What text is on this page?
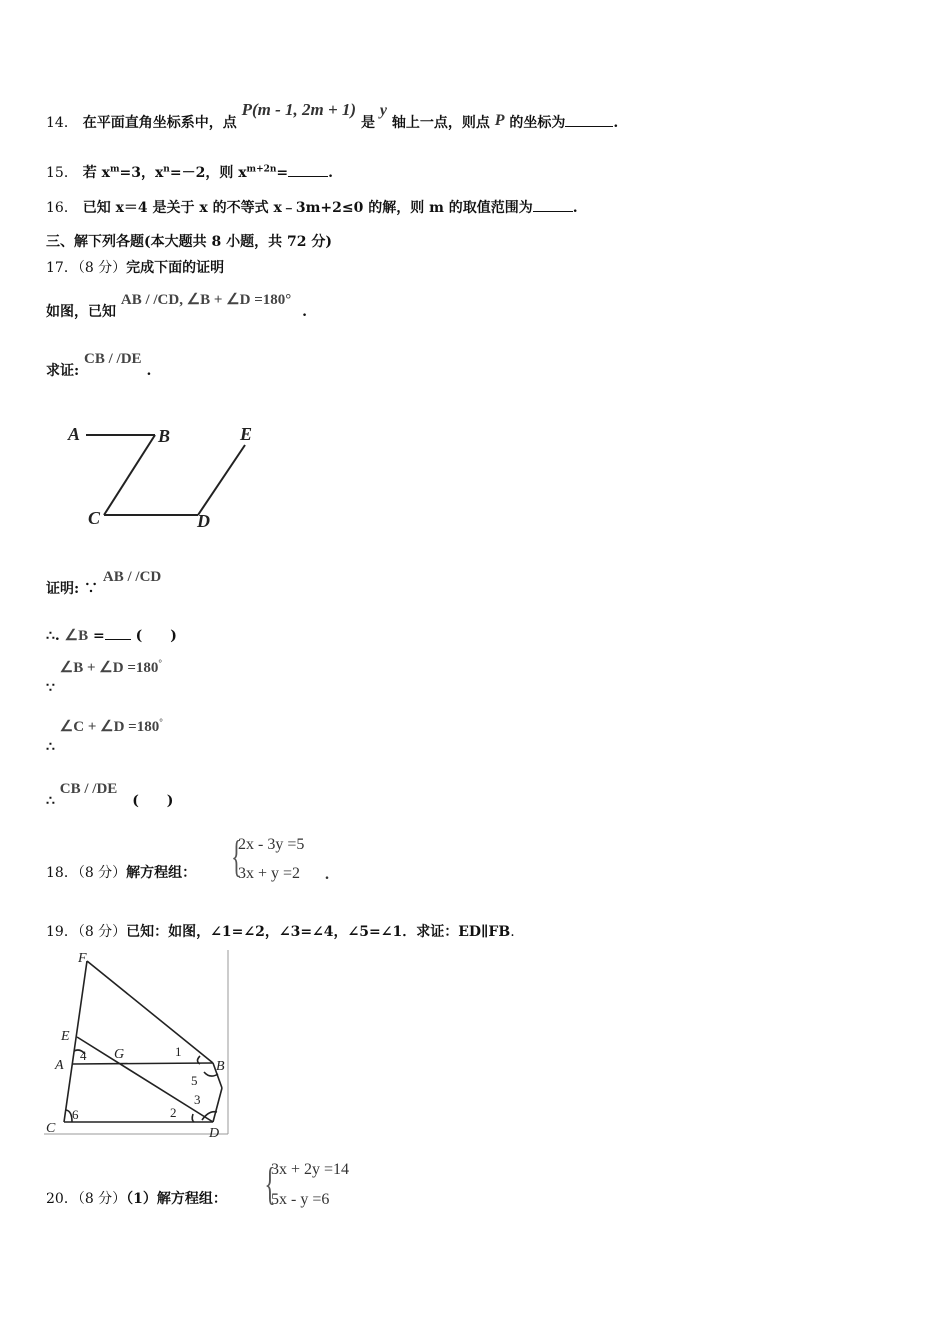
14． 在平面直角坐标系中，点 P(m - 1, 2m + 1) 是 y 轴上一点，则点 P 的坐标为	.
15． 若 $x^m=3$，$x^n=-2$，则 $x^{m+2n}=$	.
16． 已知 x＝4 是关于 x 的不等式 x﹣3m+2≤0 的解，则 m 的取值范围为	.
三、解下列各题(本大题共 8 小题，共 72 分)
17．（8 分）完成下面的证明
如图，已知 AB / /CD, ∠B + ∠D =180° .
求证: CB / /DE .
A	B
C	D
E
证明: ∵ AB / /CD
∴. ∠B = (　　)
∵ ∠B + ∠D =180°
∴ ∠C + ∠D =180°
∴ CB / /DE (　　)
18．（8 分）解方程组： {
2x - 3y =5
3x + y =2 .
19．（8 分）已知：如图，∠1=∠2，∠3=∠4，∠5=∠1．求证：ED∥FB.
F
E
A
G
B
C	D
1
2
3
4
5
6
20．（8 分）（1）解方程组： {
3x + 2y =14
5x - y =6
